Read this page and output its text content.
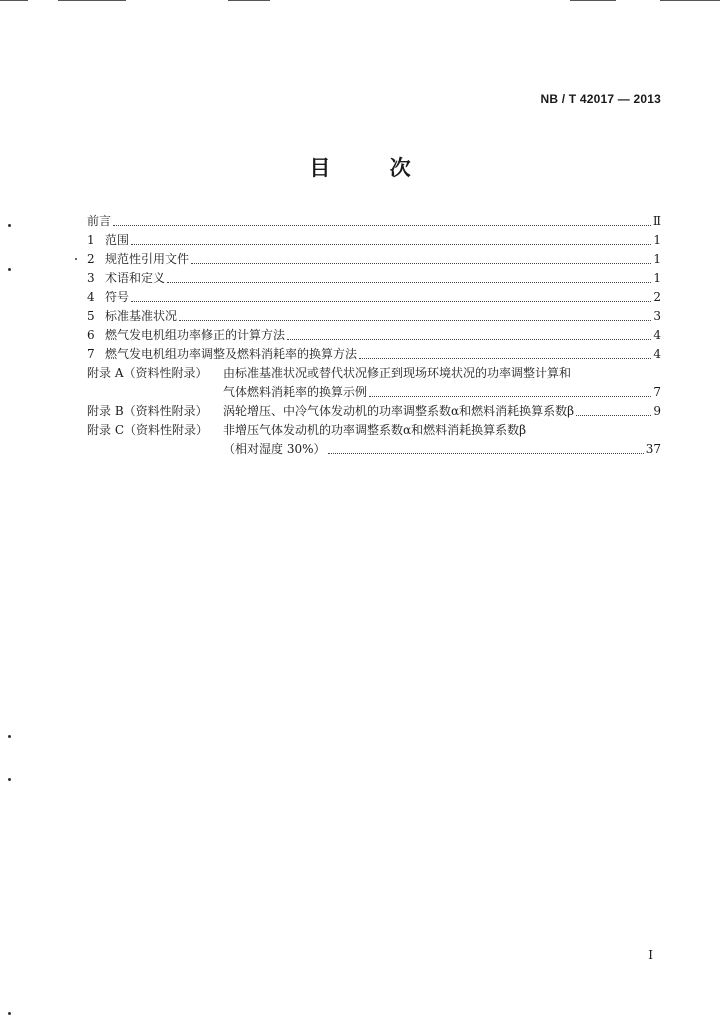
NB / T 42017 — 2013
目 次
前言	Ⅱ
1 范围	1
2 规范性引用文件	1
3 术语和定义	1
4 符号	2
5 标准基准状况	3
6 燃气发电机组功率修正的计算方法	4
7 燃气发电机组功率调整及燃料消耗率的换算方法	4
附录 A（资料性附录）	由标准基准状况或替代状况修正到现场环境状况的功率调整计算和
气体燃料消耗率的换算示例	7
附录 B（资料性附录）	涡轮增压、中冷气体发动机的功率调整系数α和燃料消耗换算系数β	9
附录 C（资料性附录）	非增压气体发动机的功率调整系数α和燃料消耗换算系数β
（相对湿度 30%）	37
I
